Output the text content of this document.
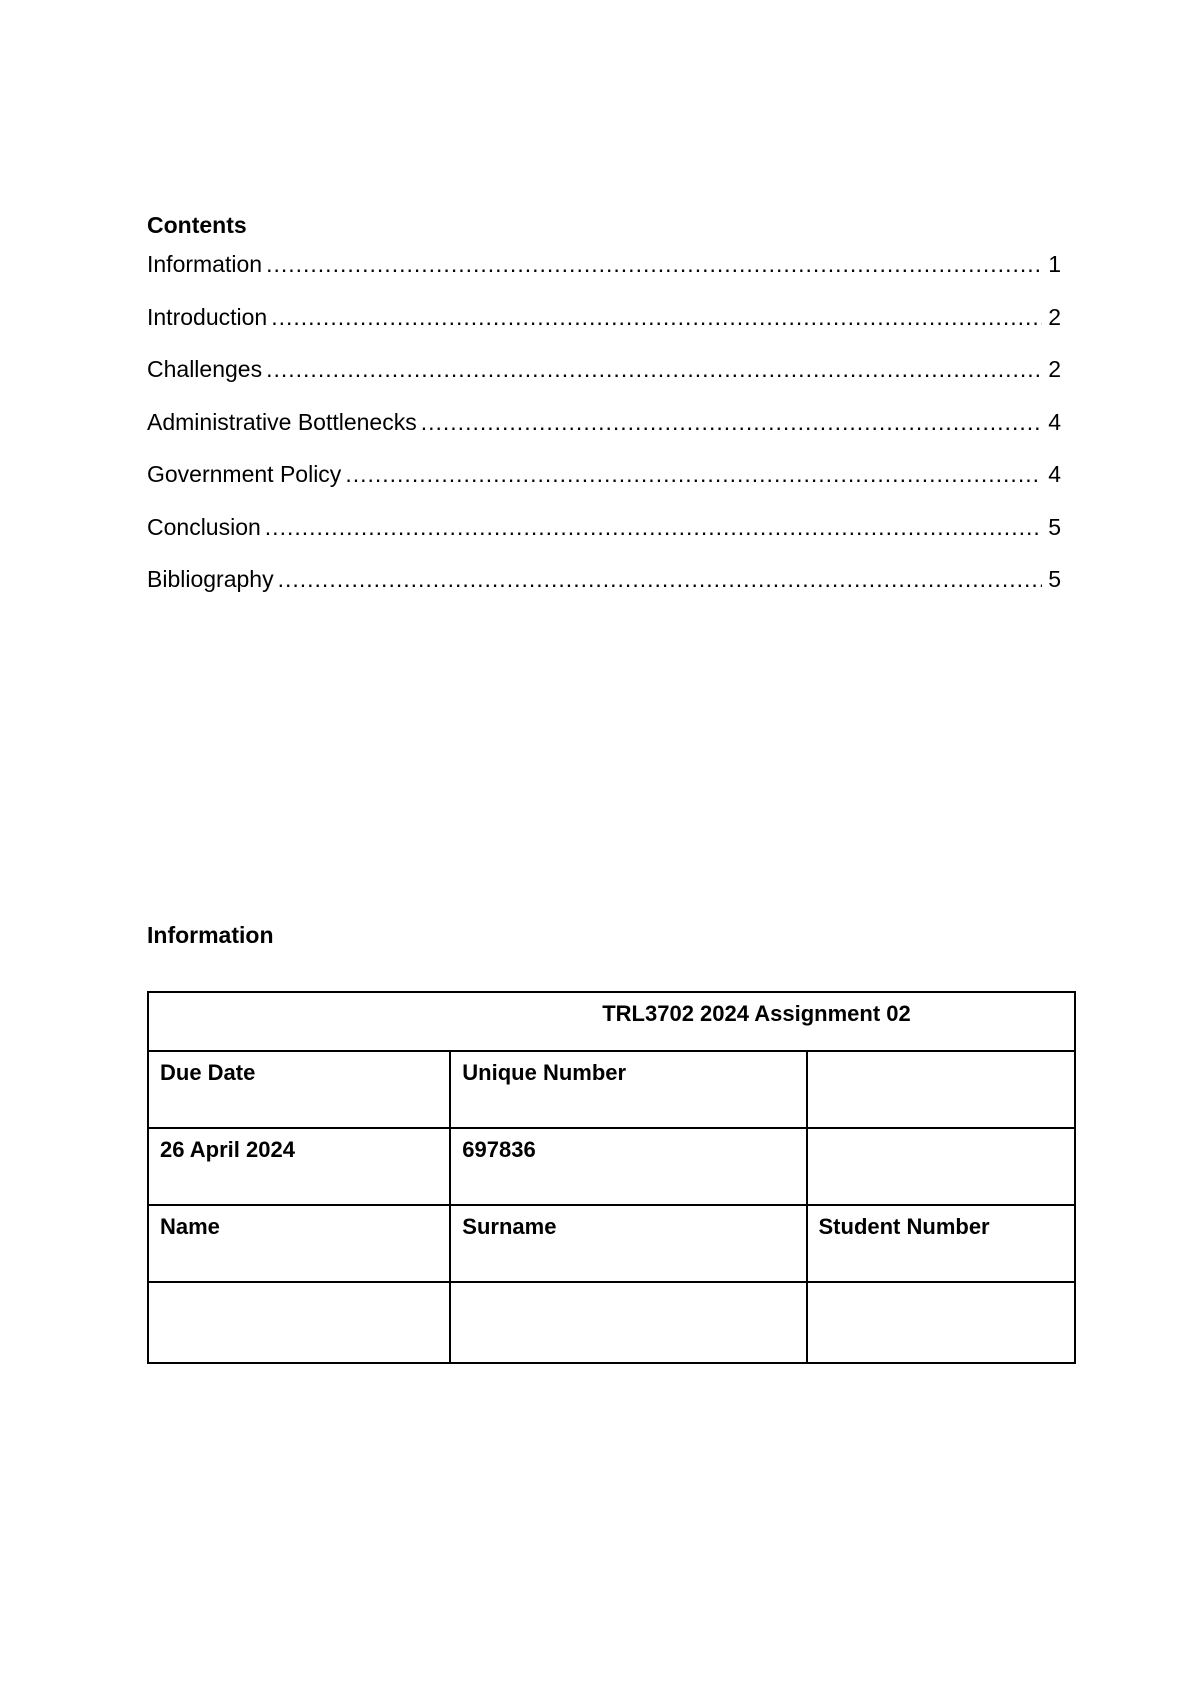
Contents
Information .....	1
Introduction .....	2
Challenges .....	2
Administrative Bottlenecks .....	4
Government Policy .....	4
Conclusion .....	5
Bibliography .....	5
Information
TRL3702 2024 Assignment 02		
Due Date	Unique Number	
26 April 2024	697836	
Name	Surname	Student Number
